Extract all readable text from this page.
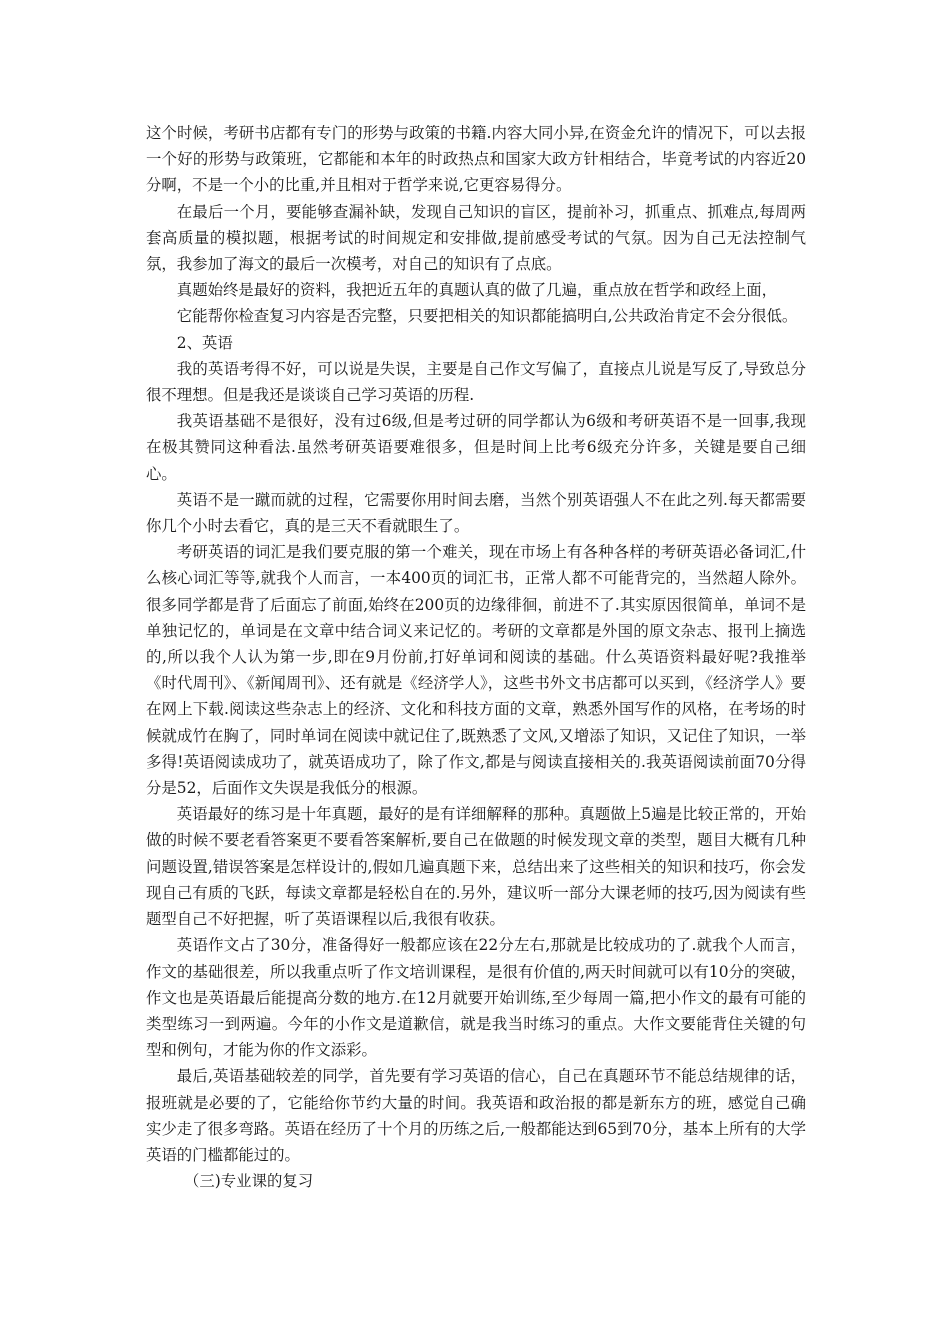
这个时候，考研书店都有专门的形势与政策的书籍.内容大同小异,在资金允许的情况下，可以去报一个好的形势与政策班，它都能和本年的时政热点和国家大政方针相结合，毕竟考试的内容近20分啊，不是一个小的比重,并且相对于哲学来说,它更容易得分。

在最后一个月，要能够查漏补缺，发现自己知识的盲区，提前补习，抓重点、抓难点,每周两套高质量的模拟题，根据考试的时间规定和安排做,提前感受考试的气氛。因为自己无法控制气氛，我参加了海文的最后一次模考，对自己的知识有了点底。

真题始终是最好的资料，我把近五年的真题认真的做了几遍，重点放在哲学和政经上面，

它能帮你检查复习内容是否完整，只要把相关的知识都能搞明白,公共政治肯定不会分很低。

2、英语

我的英语考得不好，可以说是失误，主要是自己作文写偏了，直接点儿说是写反了,导致总分很不理想。但是我还是谈谈自己学习英语的历程.

我英语基础不是很好，没有过6级,但是考过研的同学都认为6级和考研英语不是一回事,我现在极其赞同这种看法.虽然考研英语要难很多，但是时间上比考6级充分许多，关键是要自己细心。

英语不是一蹴而就的过程，它需要你用时间去磨，当然个别英语强人不在此之列.每天都需要你几个小时去看它，真的是三天不看就眼生了。

考研英语的词汇是我们要克服的第一个难关，现在市场上有各种各样的考研英语必备词汇,什么核心词汇等等,就我个人而言，一本400页的词汇书，正常人都不可能背完的，当然超人除外。很多同学都是背了后面忘了前面,始终在200页的边缘徘徊，前进不了.其实原因很简单，单词不是单独记忆的，单词是在文章中结合词义来记忆的。考研的文章都是外国的原文杂志、报刊上摘选的,所以我个人认为第一步,即在9月份前,打好单词和阅读的基础。什么英语资料最好呢?我推举《时代周刊》、《新闻周刊》、还有就是《经济学人》，这些书外文书店都可以买到，《经济学人》要在网上下载.阅读这些杂志上的经济、文化和科技方面的文章，熟悉外国写作的风格，在考场的时候就成竹在胸了，同时单词在阅读中就记住了,既熟悉了文风,又增添了知识，又记住了知识，一举多得!英语阅读成功了，就英语成功了，除了作文,都是与阅读直接相关的.我英语阅读前面70分得分是52，后面作文失误是我低分的根源。

英语最好的练习是十年真题，最好的是有详细解释的那种。真题做上5遍是比较正常的，开始做的时候不要老看答案更不要看答案解析,要自己在做题的时候发现文章的类型，题目大概有几种问题设置,错误答案是怎样设计的,假如几遍真题下来，总结出来了这些相关的知识和技巧，你会发现自己有质的飞跃，每读文章都是轻松自在的.另外，建议听一部分大课老师的技巧,因为阅读有些题型自己不好把握，听了英语课程以后,我很有收获。

英语作文占了30分，准备得好一般都应该在22分左右,那就是比较成功的了.就我个人而言，作文的基础很差，所以我重点听了作文培训课程，是很有价值的,两天时间就可以有10分的突破，作文也是英语最后能提高分数的地方.在12月就要开始训练,至少每周一篇,把小作文的最有可能的类型练习一到两遍。今年的小作文是道歉信，就是我当时练习的重点。大作文要能背住关键的句型和例句，才能为你的作文添彩。

最后,英语基础较差的同学，首先要有学习英语的信心，自己在真题环节不能总结规律的话，报班就是必要的了，它能给你节约大量的时间。我英语和政治报的都是新东方的班，感觉自己确实少走了很多弯路。英语在经历了十个月的历练之后,一般都能达到65到70分，基本上所有的大学英语的门槛都能过的。

（三)专业课的复习
